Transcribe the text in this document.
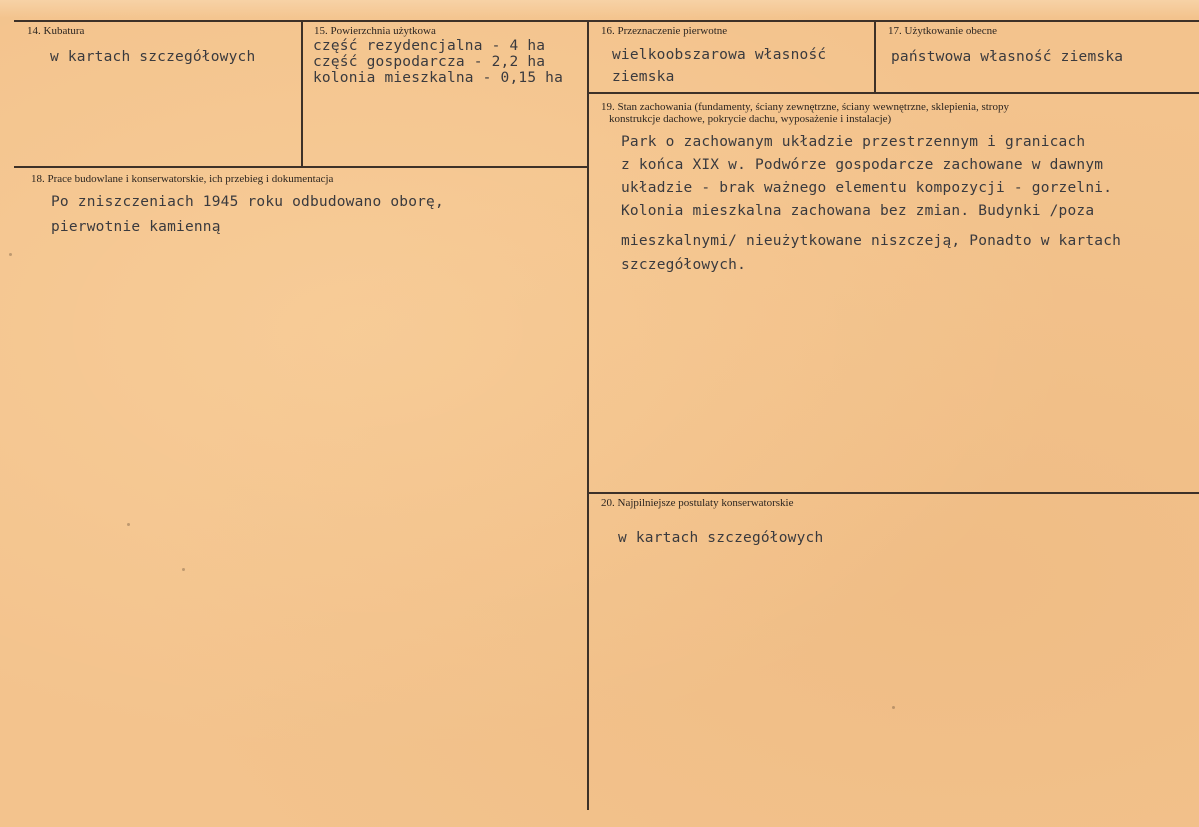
14. Kubatura
w kartach szczegółowych
15. Powierzchnia użytkowa
część rezydencjalna - 4 ha
część gospodarcza - 2,2 ha
kolonia mieszkalna - 0,15 ha
16. Przeznaczenie pierwotne
wielkoobszarowa własność
ziemska
17. Użytkowanie obecne
państwowa własność ziemska
18. Prace budowlane i konserwatorskie, ich przebieg i dokumentacja
Po zniszczeniach 1945 roku odbudowano oborę,
pierwotnie kamienną
19. Stan zachowania (fundamenty, ściany zewnętrzne, ściany wewnętrzne, sklepienia, stropy
konstrukcje dachowe, pokrycie dachu, wyposażenie i instalacje)
Park o zachowanym układzie przestrzennym i granicach
z końca XIX w. Podwórze gospodarcze zachowane w dawnym
układzie - brak ważnego elementu kompozycji - gorzelni.
Kolonia mieszkalna zachowana bez zmian. Budynki /poza
mieszkalnymi/ nieużytkowane niszczeją, Ponadto w kartach
szczegółowych.
20. Najpilniejsze postulaty konserwatorskie
w kartach szczegółowych
